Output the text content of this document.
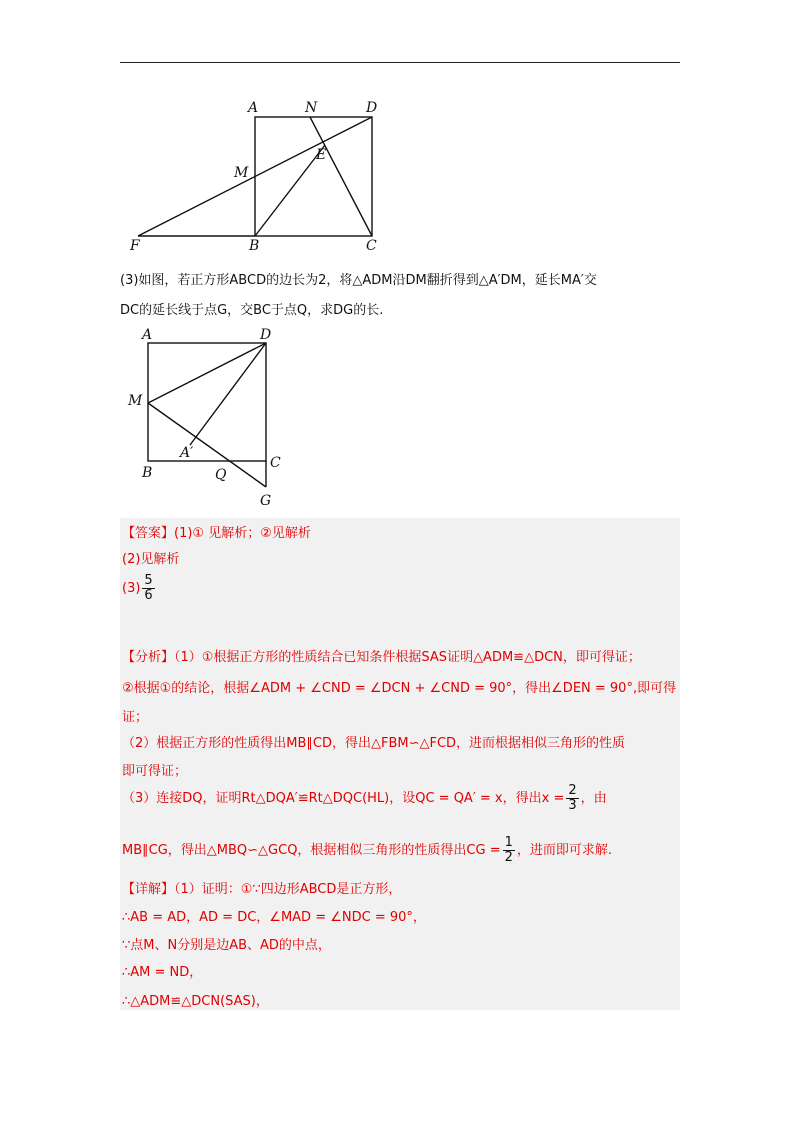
A	N	D
M
E
F	B	C
(3)如图，若正方形ABCD的边长为2，将△ADM沿DM翻折得到△A′DM，延长MA′交
DC的延长线于点G，交BC于点Q，求DG的长.
A	D
M
A′
B	Q
C
G
【答案】(1)① 见解析；②见解析
(2)见解析
$(3) \frac{5}{6}$
【分析】（1）①根据正方形的性质结合已知条件根据SAS证明△ADM≌△DCN，即可得证；
②根据①的结论，根据∠ADM + ∠CND = ∠DCN + ∠CND = 90°，得出∠DEN = 90°,即可得
证；
（2）根据正方形的性质得出MB∥CD，得出△FBM∽△FCD，进而根据相似三角形的性质
即可得证；
（3）连接DQ，证明Rt△DQA′≌Rt△DQC(HL)，设QC = QA′ = x，得出$x = \frac{2}{3}$ ，由
MB∥CG，得出△MBQ∽△GCQ，根据相似三角形的性质得出CG = $\frac{1}{2}$ ，进而即可求解.
【详解】（1）证明：①∵四边形ABCD是正方形，
∴AB = AD，AD = DC，∠MAD = ∠NDC = 90°，
∵点M、N分别是边AB、AD的中点，
∴AM = ND，
∴△ADM≌△DCN(SAS)，
